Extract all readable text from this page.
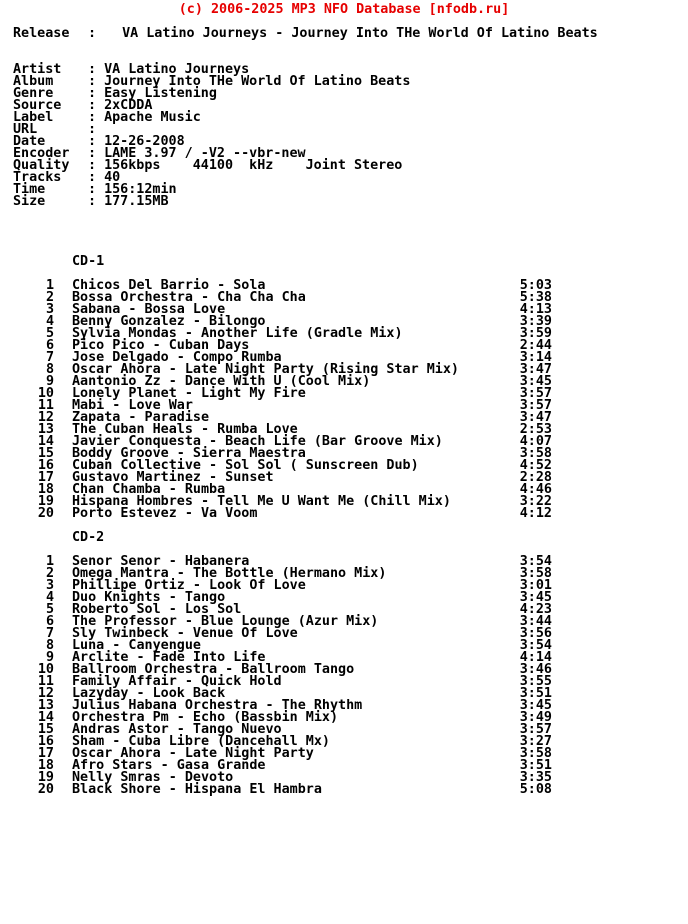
(c) 2006-2025 MP3 NFO Database [nfodb.ru]
Release	:	VA Latino Journeys - Journey Into THe World Of Latino Beats
Artist	: VA Latino Journeys
Album	: Journey Into THe World Of Latino Beats
Genre	: Easy Listening
Source	: 2xCDDA
Label	: Apache Music
URL	:
Date	: 12-26-2008
Encoder	: LAME 3.97 / -V2 --vbr-new
Quality	: 156kbps    44100  kHz    Joint Stereo
Tracks	: 40
Time	: 156:12min
Size	: 177.15MB
CD-1
1	Chicos Del Barrio - Sola	5:03
2	Bossa Orchestra - Cha Cha Cha	5:38
3	Sabana - Bossa Love	4:13
4	Benny Gonzalez - Bilongo	3:39
5	Sylvia Mondas - Another Life (Gradle Mix)	3:59
6	Pico Pico - Cuban Days	2:44
7	Jose Delgado - Compo Rumba	3:14
8	Oscar Ahora - Late Night Party (Rising Star Mix)	3:47
9	Aantonio Zz - Dance With U (Cool Mix)	3:45
10	Lonely Planet - Light My Fire	3:57
11	Mabi - Love War	3:57
12	Zapata - Paradise	3:47
13	The Cuban Heals - Rumba Love	2:53
14	Javier Conquesta - Beach Life (Bar Groove Mix)	4:07
15	Boddy Groove - Sierra Maestra	3:58
16	Cuban Collective - Sol Sol ( Sunscreen Dub)	4:52
17	Gustavo Martinez - Sunset	2:28
18	Chan Chamba - Rumba	4:46
19	Hispana Hombres - Tell Me U Want Me (Chill Mix)	3:22
20	Porto Estevez - Va Voom	4:12
CD-2
1	Senor Senor - Habanera	3:54
2	Omega Mantra - The Bottle (Hermano Mix)	3:58
3	Phillipe Ortiz - Look Of Love	3:01
4	Duo Knights - Tango	3:45
5	Roberto Sol - Los Sol	4:23
6	The Professor - Blue Lounge (Azur Mix)	3:44
7	Sly Twinbeck - Venue Of Love	3:56
8	Luna - Canyengue	3:54
9	Arclite - Fade Into Life	4:14
10	Ballroom Orchestra - Ballroom Tango	3:46
11	Family Affair - Quick Hold	3:55
12	Lazyday - Look Back	3:51
13	Julius Habana Orchestra - The Rhythm	3:45
14	Orchestra Pm - Echo (Bassbin Mix)	3:49
15	Andras Astor - Tango Nuevo	3:57
16	Sham - Cuba Libre (Dancehall Mx)	3:27
17	Oscar Ahora - Late Night Party	3:58
18	Afro Stars - Gasa Grande	3:51
19	Nelly Smras - Devoto	3:35
20	Black Shore - Hispana El Hambra	5:08
